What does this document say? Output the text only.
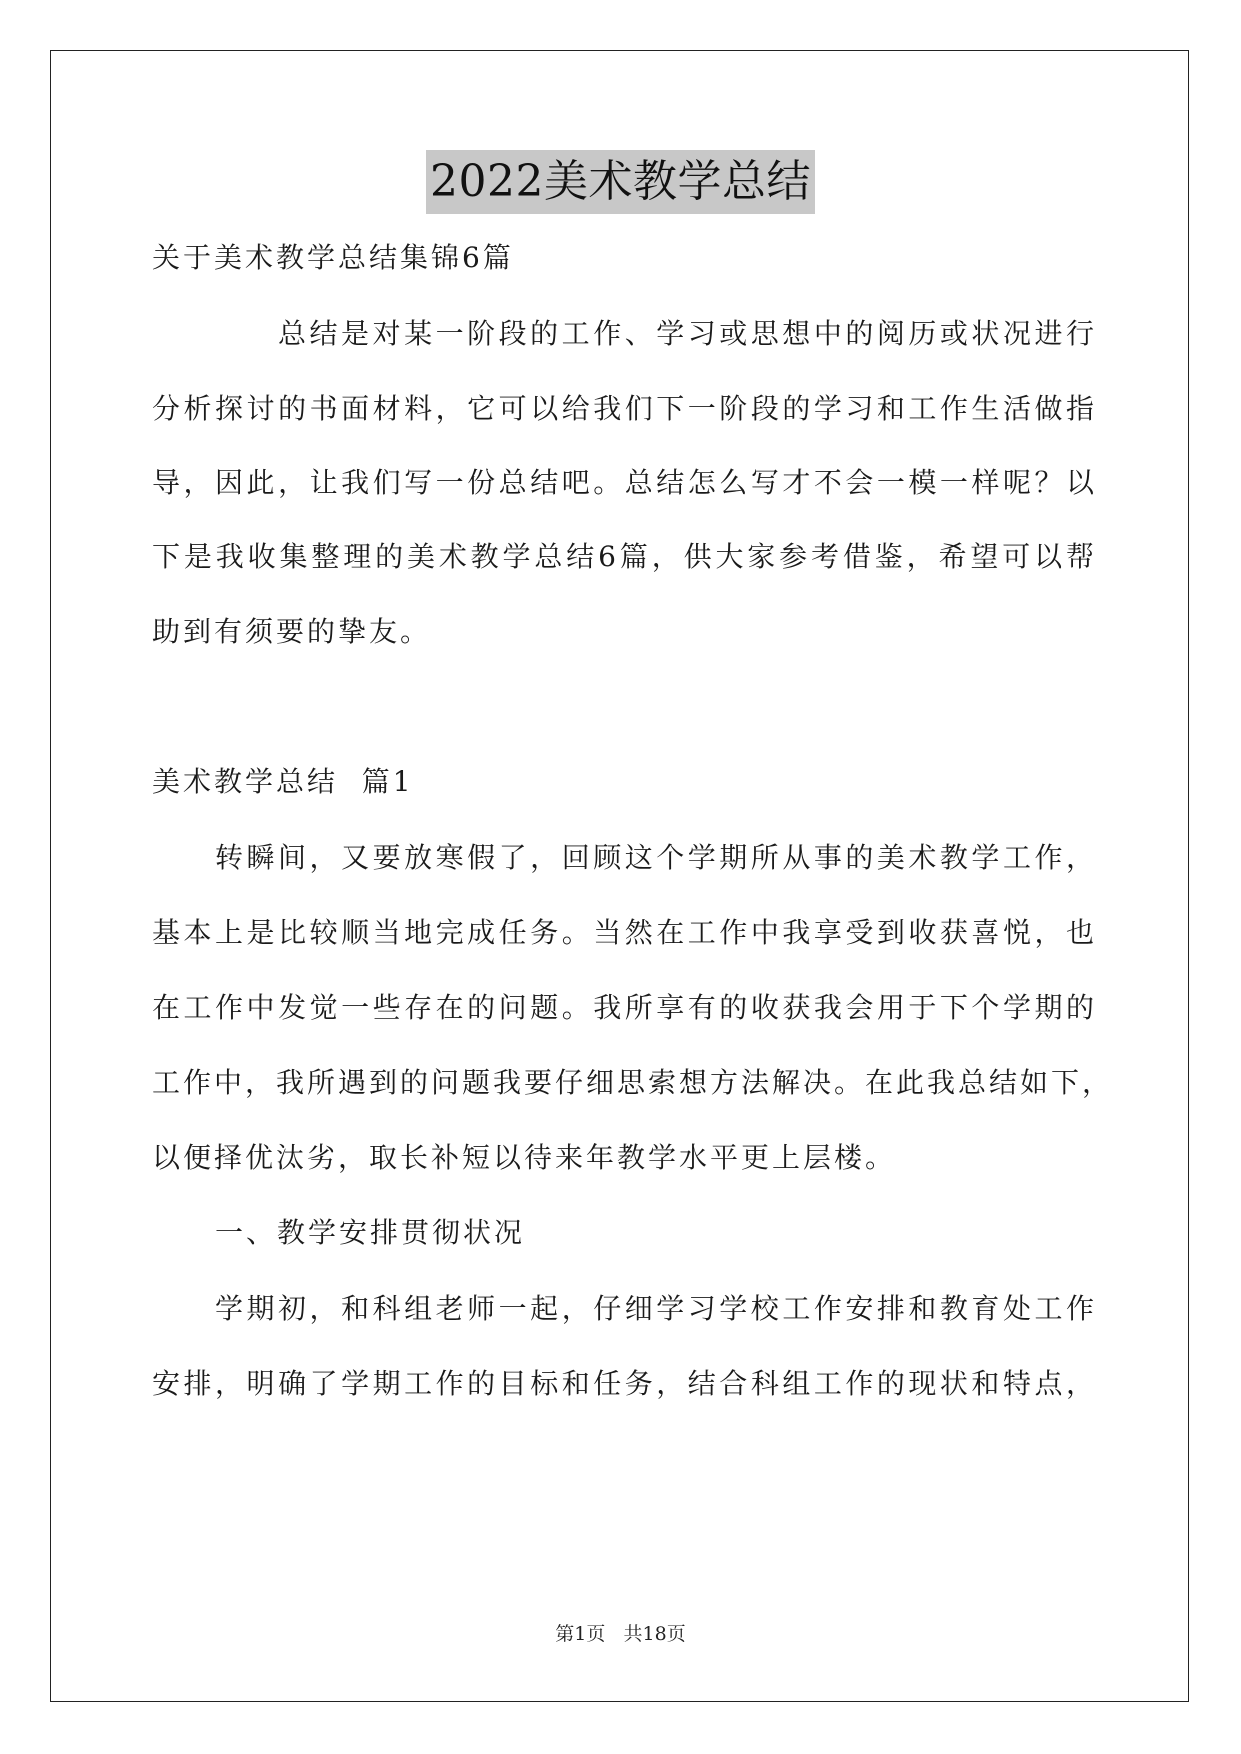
2022美术教学总结
关于美术教学总结集锦6篇
总结是对某一阶段的工作、学习或思想中的阅历或状况进行
分析探讨的书面材料，它可以给我们下一阶段的学习和工作生活做指
导，因此，让我们写一份总结吧。总结怎么写才不会一模一样呢？以
下是我收集整理的美术教学总结6篇，供大家参考借鉴，希望可以帮
助到有须要的挚友。
美术教学总结  篇1
转瞬间，又要放寒假了，回顾这个学期所从事的美术教学工作，
基本上是比较顺当地完成任务。当然在工作中我享受到收获喜悦，也
在工作中发觉一些存在的问题。我所享有的收获我会用于下个学期的
工作中，我所遇到的问题我要仔细思索想方法解决。在此我总结如下，
以便择优汰劣，取长补短以待来年教学水平更上层楼。
一、教学安排贯彻状况
学期初，和科组老师一起，仔细学习学校工作安排和教育处工作
安排，明确了学期工作的目标和任务，结合科组工作的现状和特点，
第1页 共18页
